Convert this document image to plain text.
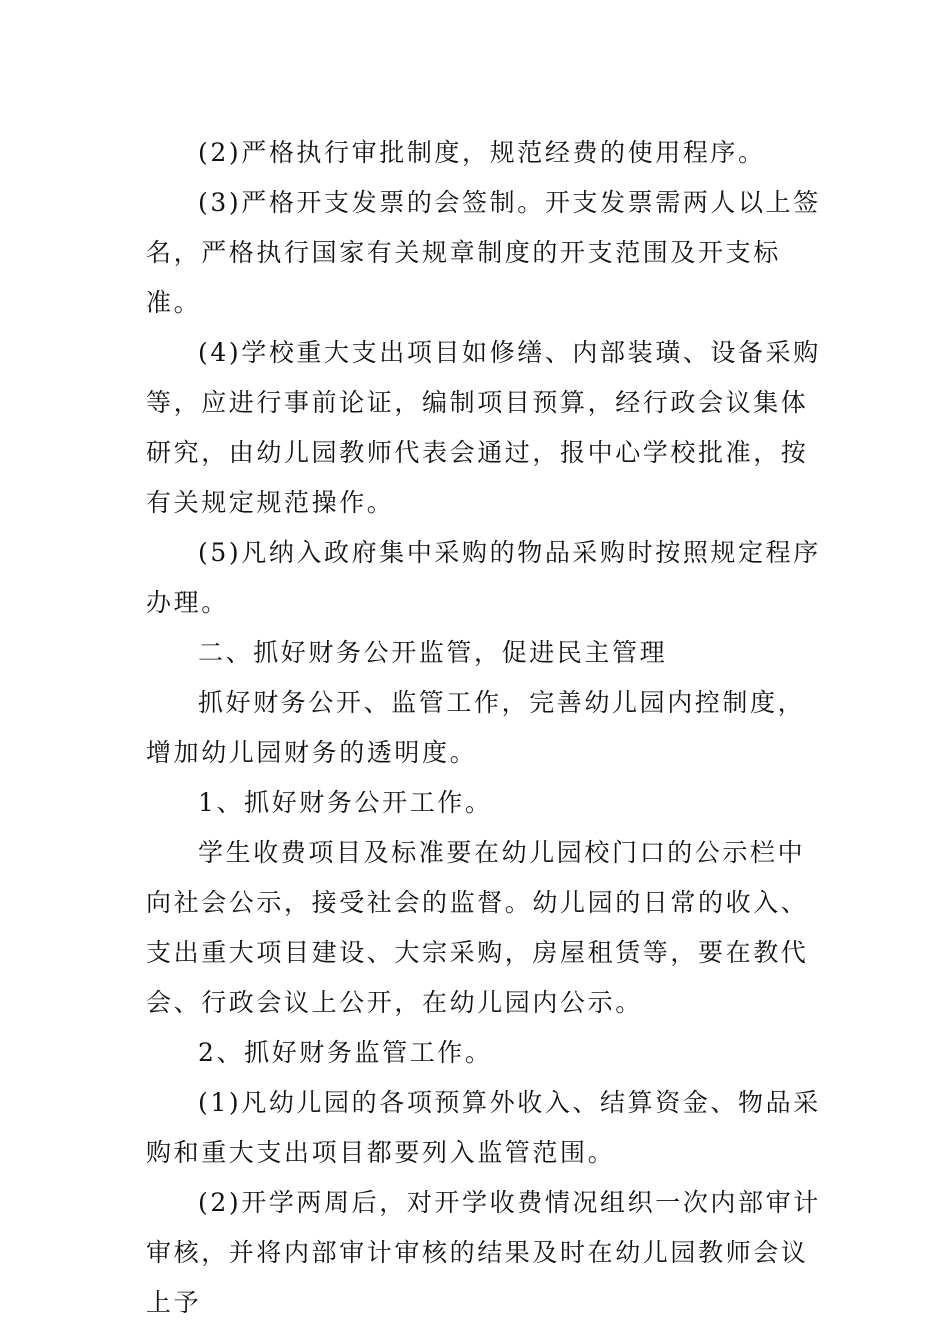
(2)严格执行审批制度，规范经费的使用程序。

(3)严格开支发票的会签制。开支发票需两人以上签名，严格执行国家有关规章制度的开支范围及开支标准。

(4)学校重大支出项目如修缮、内部装璜、设备采购等，应进行事前论证，编制项目预算，经行政会议集体研究，由幼儿园教师代表会通过，报中心学校批准，按有关规定规范操作。

(5)凡纳入政府集中采购的物品采购时按照规定程序办理。

二、抓好财务公开监管，促进民主管理

抓好财务公开、监管工作，完善幼儿园内控制度，增加幼儿园财务的透明度。

1、抓好财务公开工作。

学生收费项目及标准要在幼儿园校门口的公示栏中向社会公示，接受社会的监督。幼儿园的日常的收入、支出重大项目建设、大宗采购，房屋租赁等，要在教代会、行政会议上公开，在幼儿园内公示。

2、抓好财务监管工作。

(1)凡幼儿园的各项预算外收入、结算资金、物品采购和重大支出项目都要列入监管范围。

(2)开学两周后，对开学收费情况组织一次内部审计审核，并将内部审计审核的结果及时在幼儿园教师会议上予
